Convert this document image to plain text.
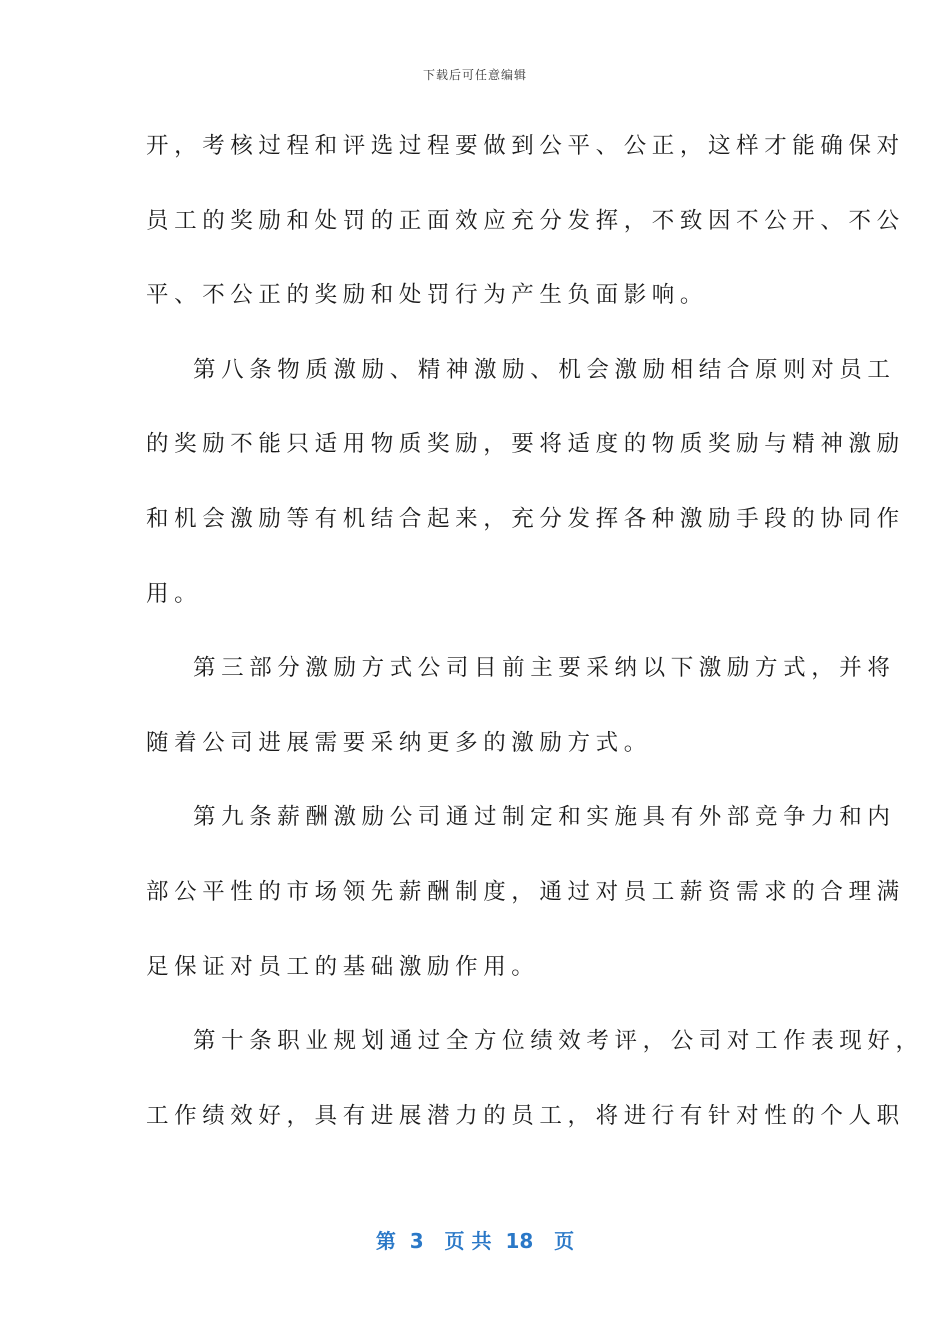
下载后可任意编辑
开，考核过程和评选过程要做到公平、公正，这样才能确保对
员工的奖励和处罚的正面效应充分发挥，不致因不公开、不公
平、不公正的奖励和处罚行为产生负面影响。
第八条物质激励、精神激励、机会激励相结合原则对员工
的奖励不能只适用物质奖励，要将适度的物质奖励与精神激励
和机会激励等有机结合起来，充分发挥各种激励手段的协同作
用。
第三部分激励方式公司目前主要采纳以下激励方式，并将
随着公司进展需要采纳更多的激励方式。
第九条薪酬激励公司通过制定和实施具有外部竞争力和内
部公平性的市场领先薪酬制度，通过对员工薪资需求的合理满
足保证对员工的基础激励作用。
第十条职业规划通过全方位绩效考评，公司对工作表现好，
工作绩效好，具有进展潜力的员工，将进行有针对性的个人职
第  3   页 共  18   页
